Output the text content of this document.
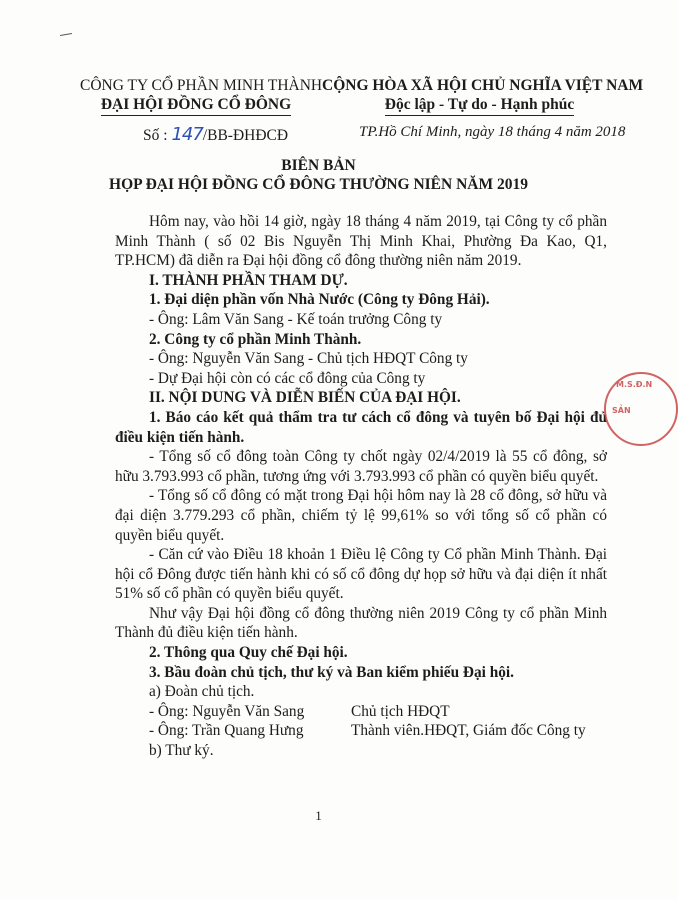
CÔNG TY CỔ PHẦN MINH THÀNH
ĐẠI HỘI ĐỒNG CỔ ĐÔNG
CỘNG HÒA XÃ HỘI CHỦ NGHĨA VIỆT NAM
Độc lập - Tự do - Hạnh phúc
Số : 147/BB-ĐHĐCĐ	TP.Hồ Chí Minh, ngày 18 tháng 4 năm 2018
BIÊN BẢN
HỌP ĐẠI HỘI ĐỒNG CỔ ĐÔNG THƯỜNG NIÊN NĂM 2019

Hôm nay, vào hồi 14 giờ, ngày 18 tháng 4 năm 2019, tại Công ty cổ phần Minh Thành ( số 02 Bis Nguyễn Thị Minh Khai, Phường Đa Kao, Q1, TP.HCM) đã diễn ra Đại hội đồng cổ đông thường niên năm 2019.

I. THÀNH PHẦN THAM DỰ.

1. Đại diện phần vốn Nhà Nước (Công ty Đông Hải).

- Ông: Lâm Văn Sang - Kế toán trưởng Công ty

2. Công ty cổ phần Minh Thành.

- Ông: Nguyễn Văn Sang - Chủ tịch HĐQT Công ty

- Dự Đại hội còn có các cổ đông của Công ty

II. NỘI DUNG VÀ DIỄN BIẾN CỦA ĐẠI HỘI.

1. Báo cáo kết quả thẩm tra tư cách cổ đông và tuyên bố Đại hội đủ điều kiện tiến hành.

- Tổng số cổ đông toàn Công ty chốt ngày 02/4/2019 là 55 cổ đông, sở hữu 3.793.993 cổ phần, tương ứng với 3.793.993 cổ phần có quyền biểu quyết.

- Tổng số cổ đông có mặt trong Đại hội hôm nay là 28 cổ đông, sở hữu và đại diện 3.779.293 cổ phần, chiếm tỷ lệ 99,61% so với tổng số cổ phần có quyền biểu quyết.

- Căn cứ vào Điều 18 khoản 1 Điều lệ Công ty Cổ phần Minh Thành. Đại hội cổ Đông được tiến hành khi có số cổ đông dự họp sở hữu và đại diện ít nhất 51% số cổ phần có quyền biểu quyết.

Như vậy Đại hội đồng cổ đông thường niên 2019 Công ty cổ phần Minh Thành đủ điều kiện tiến hành.

2. Thông qua Quy chế Đại hội.

3. Bầu đoàn chủ tịch, thư ký và Ban kiểm phiếu Đại hội.

a) Đoàn chủ tịch.

- Ông: Nguyễn Văn Sang	Chủ tịch HĐQT
- Ông: Trần Quang Hưng	Thành viên.HĐQT, Giám đốc Công ty

b) Thư ký.

M.S.Đ.N
SẢN
1
